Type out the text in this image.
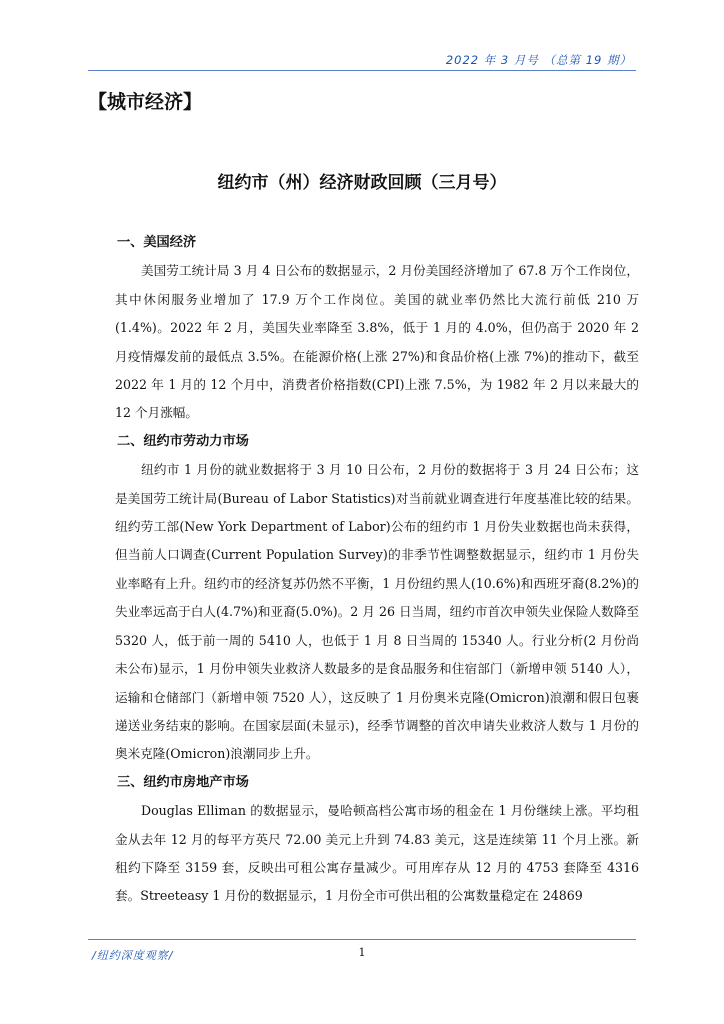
2022 年 3 月号 （总第 19 期）
【城市经济】
纽约市（州）经济财政回顾（三月号）
一、美国经济
美国劳工统计局 3 月 4 日公布的数据显示，2 月份美国经济增加了 67.8 万个工作岗位，其中休闲服务业增加了 17.9 万个工作岗位。美国的就业率仍然比大流行前低 210 万(1.4%)。2022 年 2 月，美国失业率降至 3.8%，低于 1 月的 4.0%，但仍高于 2020 年 2 月疫情爆发前的最低点 3.5%。在能源价格(上涨 27%)和食品价格(上涨 7%)的推动下，截至 2022 年 1 月的 12 个月中，消费者价格指数(CPI)上涨 7.5%，为 1982 年 2 月以来最大的 12 个月涨幅。
二、纽约市劳动力市场
纽约市 1 月份的就业数据将于 3 月 10 日公布，2 月份的数据将于 3 月 24 日公布；这是美国劳工统计局(Bureau of Labor Statistics)对当前就业调查进行年度基准比较的结果。纽约劳工部(New York Department of Labor)公布的纽约市 1 月份失业数据也尚未获得，但当前人口调查(Current Population Survey)的非季节性调整数据显示，纽约市 1 月份失业率略有上升。纽约市的经济复苏仍然不平衡，1 月份纽约黑人(10.6%)和西班牙裔(8.2%)的失业率远高于白人(4.7%)和亚裔(5.0%)。2 月 26 日当周，纽约市首次申领失业保险人数降至 5320 人，低于前一周的 5410 人，也低于 1 月 8 日当周的 15340 人。行业分析(2 月份尚未公布)显示，1 月份申领失业救济人数最多的是食品服务和住宿部门（新增申领 5140 人），运输和仓储部门（新增申领 7520 人），这反映了 1 月份奥米克隆(Omicron)浪潮和假日包裹递送业务结束的影响。在国家层面(未显示)，经季节调整的首次申请失业救济人数与 1 月份的奥米克隆(Omicron)浪潮同步上升。
三、纽约市房地产市场
Douglas Elliman 的数据显示，曼哈顿高档公寓市场的租金在 1 月份继续上涨。平均租金从去年 12 月的每平方英尺 72.00 美元上升到 74.83 美元，这是连续第 11 个月上涨。新租约下降至 3159 套，反映出可租公寓存量减少。可用库存从 12 月的 4753 套降至 4316 套。Streeteasy 1 月份的数据显示，1 月份全市可供出租的公寓数量稳定在 24869
/纽约深度观察/	1
